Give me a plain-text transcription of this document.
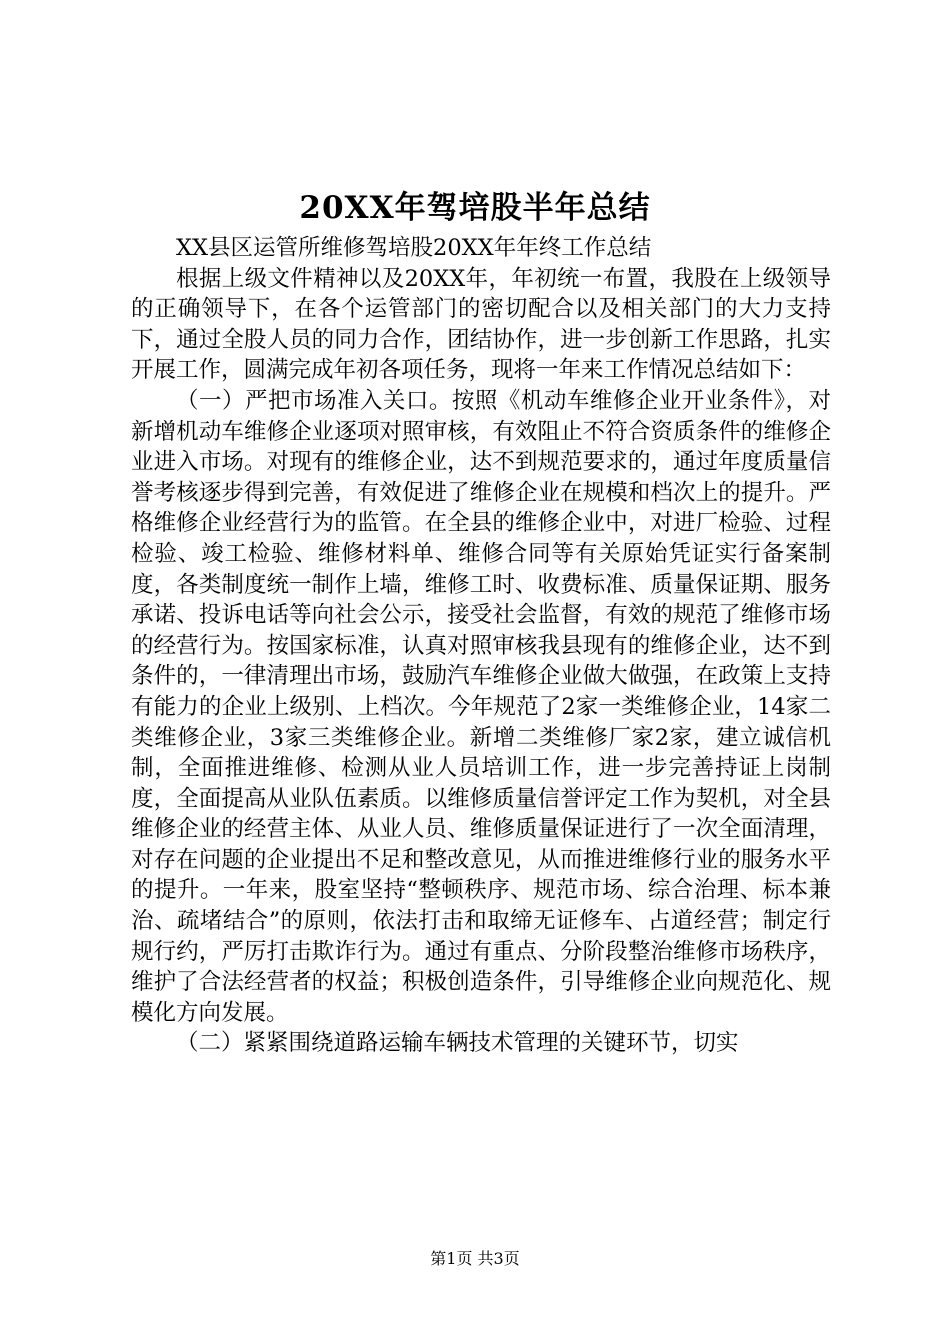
20XX年驾培股半年总结

XX县区运管所维修驾培股20XX年年终工作总结

根据上级文件精神以及20XX年，年初统一布置，我股在上级领导的正确领导下，在各个运管部门的密切配合以及相关部门的大力支持下，通过全股人员的同力合作，团结协作，进一步创新工作思路，扎实开展工作，圆满完成年初各项任务，现将一年来工作情况总结如下：

（一）严把市场准入关口。按照《机动车维修企业开业条件》，对新增机动车维修企业逐项对照审核，有效阻止不符合资质条件的维修企业进入市场。对现有的维修企业，达不到规范要求的，通过年度质量信誉考核逐步得到完善，有效促进了维修企业在规模和档次上的提升。严格维修企业经营行为的监管。在全县的维修企业中，对进厂检验、过程检验、竣工检验、维修材料单、维修合同等有关原始凭证实行备案制度，各类制度统一制作上墙，维修工时、收费标准、质量保证期、服务承诺、投诉电话等向社会公示，接受社会监督，有效的规范了维修市场的经营行为。按国家标准，认真对照审核我县现有的维修企业，达不到条件的，一律清理出市场，鼓励汽车维修企业做大做强，在政策上支持有能力的企业上级别、上档次。今年规范了2家一类维修企业，14家二类维修企业，3家三类维修企业。新增二类维修厂家2家，建立诚信机制，全面推进维修、检测从业人员培训工作，进一步完善持证上岗制度，全面提高从业队伍素质。以维修质量信誉评定工作为契机，对全县维修企业的经营主体、从业人员、维修质量保证进行了一次全面清理，对存在问题的企业提出不足和整改意见，从而推进维修行业的服务水平的提升。一年来，股室坚持“整顿秩序、规范市场、综合治理、标本兼治、疏堵结合”的原则，依法打击和取缔无证修车、占道经营；制定行规行约，严厉打击欺诈行为。通过有重点、分阶段整治维修市场秩序，维护了合法经营者的权益；积极创造条件，引导维修企业向规范化、规模化方向发展。

（二）紧紧围绕道路运输车辆技术管理的关键环节，切实

第1页 共3页
